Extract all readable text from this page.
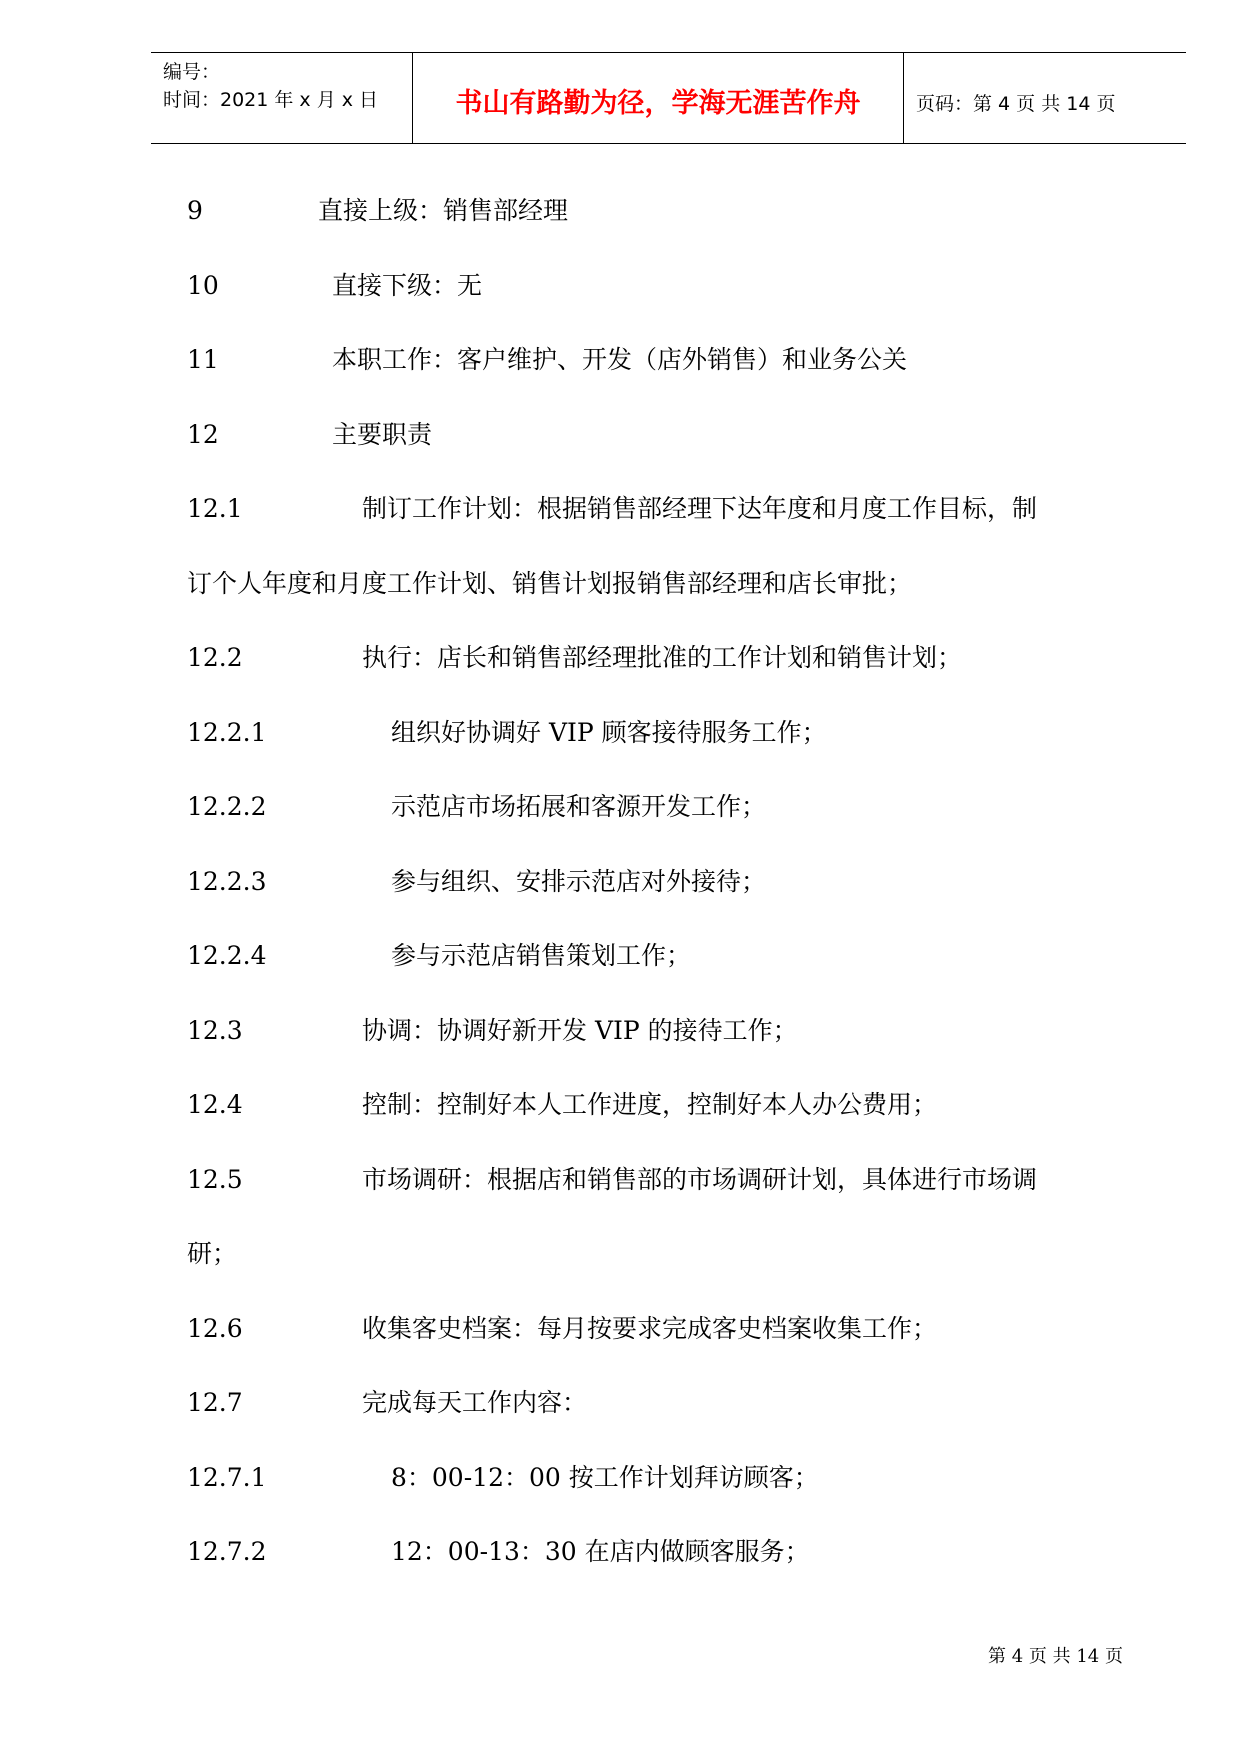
编号：
时间：2021 年 x 月 x 日	书山有路勤为径，学海无涯苦作舟	页码：第 4 页 共 14 页
9	直接上级：销售部经理
10	直接下级：无
11	本职工作：客户维护、开发（店外销售）和业务公关
12	主要职责
12.1	制订工作计划：根据销售部经理下达年度和月度工作目标，制
订个人年度和月度工作计划、销售计划报销售部经理和店长审批；
12.2	执行：店长和销售部经理批准的工作计划和销售计划；
12.2.1	组织好协调好 VIP 顾客接待服务工作；
12.2.2	示范店市场拓展和客源开发工作；
12.2.3	参与组织、安排示范店对外接待；
12.2.4	参与示范店销售策划工作；
12.3	协调：协调好新开发 VIP 的接待工作；
12.4	控制：控制好本人工作进度，控制好本人办公费用；
12.5	市场调研：根据店和销售部的市场调研计划，具体进行市场调
研；
12.6	收集客史档案：每月按要求完成客史档案收集工作；
12.7	完成每天工作内容：
12.7.1	8：00-12：00 按工作计划拜访顾客；
12.7.2	12：00-13：30 在店内做顾客服务；
第 4 页 共 14 页
